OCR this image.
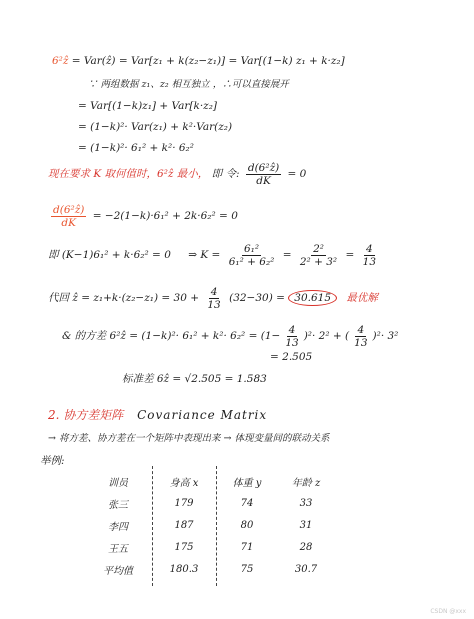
6²ẑ = Var(ẑ) = Var[z₁ + k(z₂−z₁)] = Var[(1−k) z₁ + k·z₂]
∵ 两组数据 z₁、z₂ 相互独立 ，∴可以直接展开
= Var[(1−k)z₁] + Var[k·z₂]
= (1−k)²· Var(z₁) + k²·Var(z₂)
= (1−k)²· 6₁² + k²· 6₂²
现在要求 K 取何值时，6²ẑ 最小， 即 令: $\frac{\text{d(6²ẑ)}}{dK} = 0$
$\frac{\text{d(6²ẑ)}}{dK} = -2(1-k)\cdot 6_1^2 + 2k\cdot 6_2^2 = 0$
即 (K−1)6₁² + k·6₂² = 0 ⇒ $K = \frac{\text{6₁²}}{\text{6₁² + 6₂²}} = \frac{\text{2²}}{\text{2² + 3²}} = \frac{4}{13}$
代回 ẑ = $z_1+k\cdot(z_2-z_1) = 30 + \frac{4}{13} (32-30) = 30.615$ 最优解
& 的方差 6²ẑ = $(1-k)^2\cdot 6_1^2 + k^2\cdot 6_2^2 = (1- \frac{4}{13} )^2\cdot 2^2$ + ( $\frac{4}{13} )^2\cdot 3^2$
= 2.505
标准差 6ẑ = √2.505 = 1.583
2. 协方差矩阵 Covariance Matrix
→ 将方差、协方差在一个矩阵中表现出来 → 体现变量间的联动关系
举例:
训员	身高 x	体重 y	年龄 z
张三	179	74	33
李四	187	80	31
王五	175	71	28
平均值	180.3	75	30.7
CSDN @xxx
